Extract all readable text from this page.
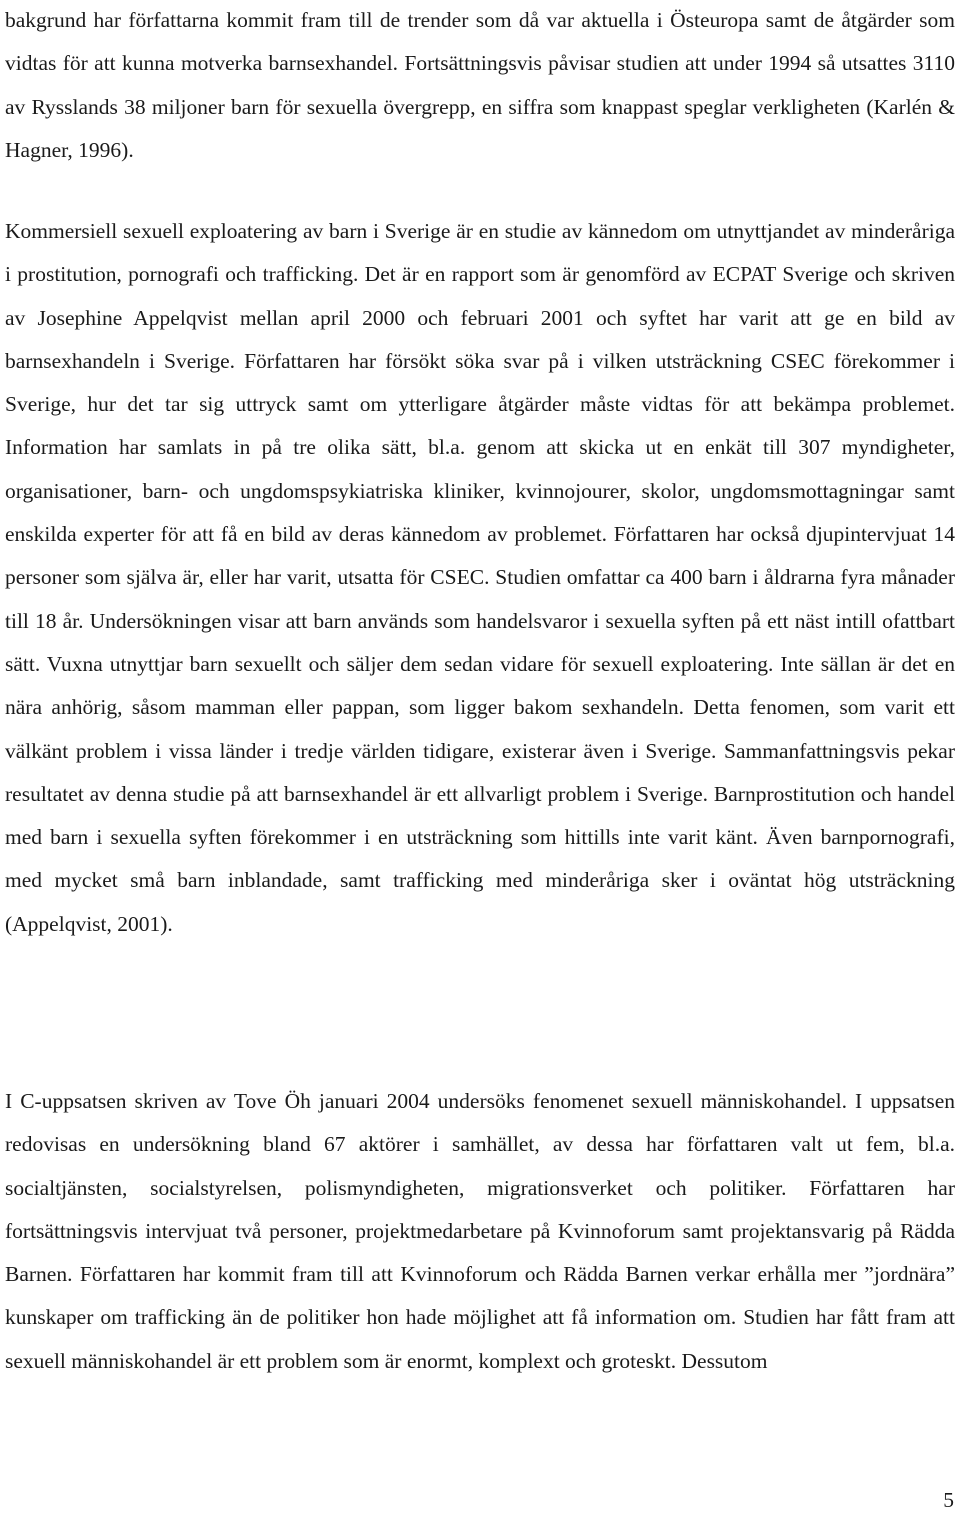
bakgrund har författarna kommit fram till de trender som då var aktuella i Östeuropa samt de åtgärder som vidtas för att kunna motverka barnsexhandel. Fortsättningsvis påvisar studien att under 1994 så utsattes 3110 av Rysslands 38 miljoner barn för sexuella övergrepp, en siffra som knappast speglar verkligheten (Karlén & Hagner, 1996).

Kommersiell sexuell exploatering av barn i Sverige är en studie av kännedom om utnyttjandet av minderåriga i prostitution, pornografi och trafficking. Det är en rapport som är genomförd av ECPAT Sverige och skriven av Josephine Appelqvist mellan april 2000 och februari 2001 och syftet har varit att ge en bild av barnsexhandeln i Sverige. Författaren har försökt söka svar på i vilken utsträckning CSEC förekommer i Sverige, hur det tar sig uttryck samt om ytterligare åtgärder måste vidtas för att bekämpa problemet. Information har samlats in på tre olika sätt, bl.a. genom att skicka ut en enkät till 307 myndigheter, organisationer, barn- och ungdomspsykiatriska kliniker, kvinnojourer, skolor, ungdomsmottagningar samt enskilda experter för att få en bild av deras kännedom av problemet. Författaren har också djupintervjuat 14 personer som själva är, eller har varit, utsatta för CSEC. Studien omfattar ca 400 barn i åldrarna fyra månader till 18 år. Undersökningen visar att barn används som handelsvaror i sexuella syften på ett näst intill ofattbart sätt. Vuxna utnyttjar barn sexuellt och säljer dem sedan vidare för sexuell exploatering. Inte sällan är det en nära anhörig, såsom mamman eller pappan, som ligger bakom sexhandeln. Detta fenomen, som varit ett välkänt problem i vissa länder i tredje världen tidigare, existerar även i Sverige. Sammanfattningsvis pekar resultatet av denna studie på att barnsexhandel är ett allvarligt problem i Sverige. Barnprostitution och handel med barn i sexuella syften förekommer i en utsträckning som hittills inte varit känt. Även barnpornografi, med mycket små barn inblandade, samt trafficking med minderåriga sker i oväntat hög utsträckning (Appelqvist, 2001).

I C-uppsatsen skriven av Tove Öh januari 2004 undersöks fenomenet sexuell människohandel. I uppsatsen redovisas en undersökning bland 67 aktörer i samhället, av dessa har författaren valt ut fem, bl.a. socialtjänsten, socialstyrelsen, polismyndigheten, migrationsverket och politiker. Författaren har fortsättningsvis intervjuat två personer, projektmedarbetare på Kvinnoforum samt projektansvarig på Rädda Barnen. Författaren har kommit fram till att Kvinnoforum och Rädda Barnen verkar erhålla mer ”jordnära” kunskaper om trafficking än de politiker hon hade möjlighet att få information om. Studien har fått fram att sexuell människohandel är ett problem som är enormt, komplext och groteskt. Dessutom

5
